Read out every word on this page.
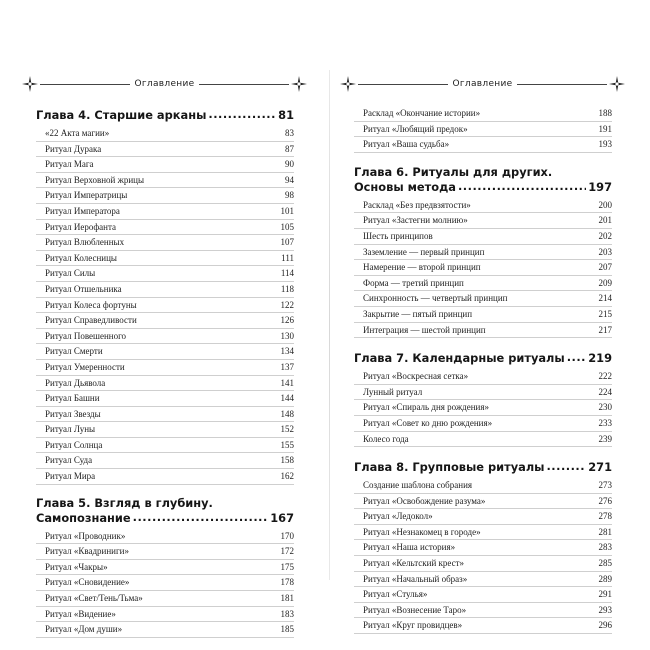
Оглавление
Глава 4. Старшие арканы .....	81
«22 Акта магии»	83
Ритуал Дурака	87
Ритуал Мага	90
Ритуал Верховной жрицы	94
Ритуал Императрицы	98
Ритуал Императора	101
Ритуал Иерофанта	105
Ритуал Влюбленных	107
Ритуал Колесницы	111
Ритуал Силы	114
Ритуал Отшельника	118
Ритуал Колеса фортуны	122
Ритуал Справедливости	126
Ритуал Повешенного	130
Ритуал Смерти	134
Ритуал Умеренности	137
Ритуал Дьявола	141
Ритуал Башни	144
Ритуал Звезды	148
Ритуал Луны	152
Ритуал Солнца	155
Ритуал Суда	158
Ритуал Мира	162
Глава 5. Взгляд в глубину.
Самопознание .....	167
Ритуал «Проводник»	170
Ритуал «Квадриниги»	172
Ритуал «Чакры»	175
Ритуал «Сновидение»	178
Ритуал «Свет/Тень/Тьма»	181
Ритуал «Видение»	183
Ритуал «Дом души»	185
Оглавление
Расклад «Окончание истории»	188
Ритуал «Любящий предок»	191
Ритуал «Ваша судьба»	193
Глава 6. Ритуалы для других.
Основы метода .....	197
Расклад «Без предвзятости»	200
Ритуал «Застегни молнию»	201
Шесть принципов	202
Заземление — первый принцип	203
Намерение — второй принцип	207
Форма — третий принцип	209
Синхронность — четвертый принцип	214
Закрытие — пятый принцип	215
Интеграция — шестой принцип	217
Глава 7. Календарные ритуалы ..... 219
Ритуал «Воскресная сетка»	222
Лунный ритуал	224
Ритуал «Спираль дня рождения»	230
Ритуал «Совет ко дню рождения»	233
Колесо года	239
Глава 8. Групповые ритуалы .....	271
Создание шаблона собрания	273
Ритуал «Освобождение разума»	276
Ритуал «Ледокол»	278
Ритуал «Незнакомец в городе»	281
Ритуал «Наша история»	283
Ритуал «Кельтский крест»	285
Ритуал «Начальный образ»	289
Ритуал «Стулья»	291
Ритуал «Вознесение Таро»	293
Ритуал «Круг провидцев»	296
